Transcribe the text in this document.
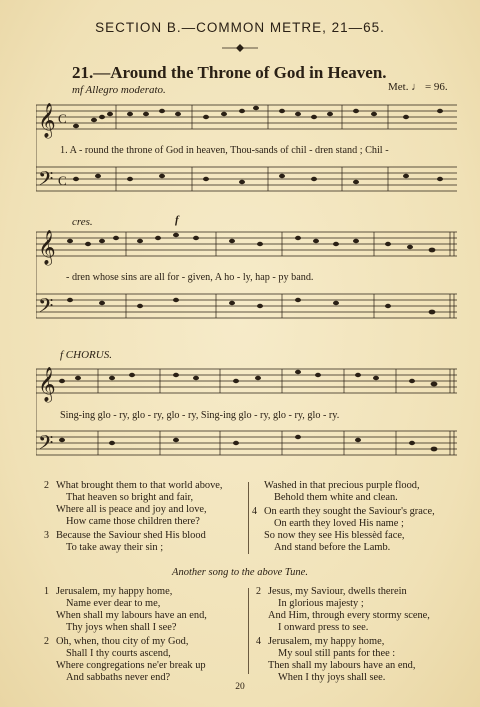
SECTION B.—COMMON METRE, 21—65.
21.—Around the Throne of God in Heaven.
Met. ♩ = 96.
mf Allegro moderato.
𝄞
𝄢
C
C
1. A - round the throne of God in heaven, Thou-sands of chil - dren stand ; Chil -
cres.	f
𝄞
𝄢
- dren whose sins are all for - given, A ho - ly, hap - py band.
f CHORUS.
𝄞
𝄢
Sing-ing glo - ry, glo - ry, glo - ry, Sing-ing glo - ry, glo - ry, glo - ry.
2 What brought them to that world above,
That heaven so bright and fair,
Where all is peace and joy and love,
How came those children there?
3 Because the Saviour shed His blood
To take away their sin ;
Washed in that precious purple flood,
Behold them white and clean.
4 On earth they sought the Saviour's grace,
On earth they loved His name ;
So now they see His blessèd face,
And stand before the Lamb.
Another song to the above Tune.
1 Jerusalem, my happy home,
Name ever dear to me,
When shall my labours have an end,
Thy joys when shall I see?
2 Oh, when, thou city of my God,
Shall I thy courts ascend,
Where congregations ne'er break up
And sabbaths never end?
2 Jesus, my Saviour, dwells therein
In glorious majesty ;
And Him, through every stormy scene,
I onward press to see.
4 Jerusalem, my happy home,
My soul still pants for thee :
Then shall my labours have an end,
When I thy joys shall see.
20
